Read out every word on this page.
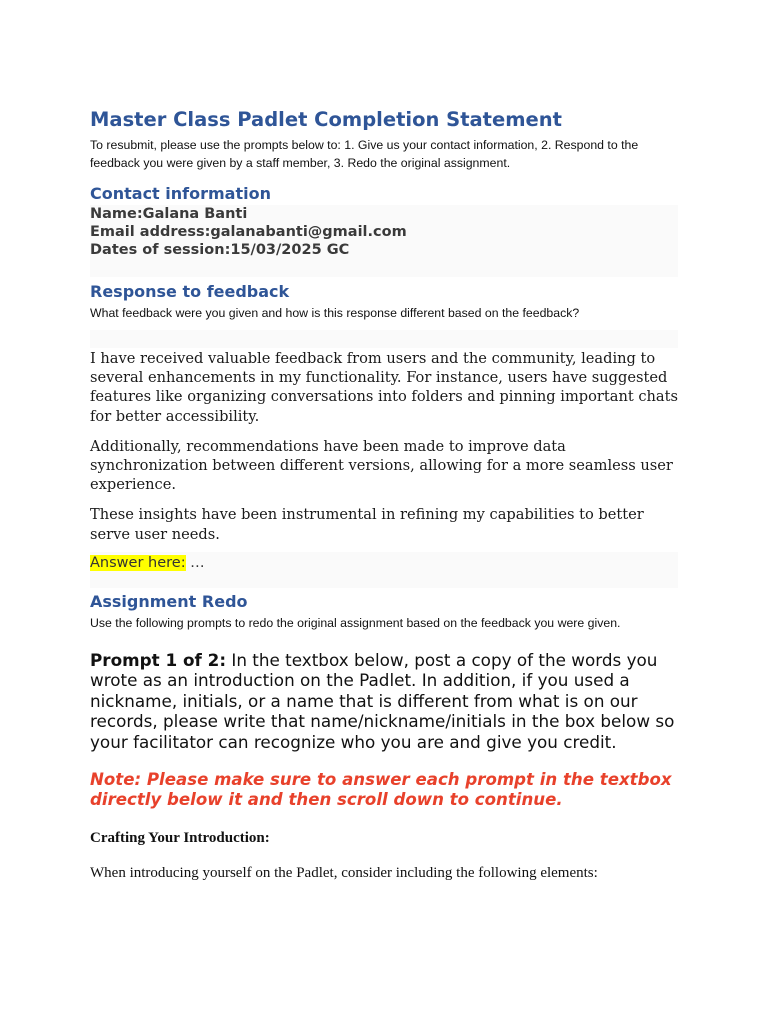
Master Class Padlet Completion Statement

To resubmit, please use the prompts below to: 1. Give us your contact information, 2. Respond to the feedback you were given by a staff member, 3. Redo the original assignment.

Contact information
Name:Galana Banti
Email address:galanabanti@gmail.com
Dates of session:15/03/2025 GC
Response to feedback

What feedback were you given and how is this response different based on the feedback?

I have received valuable feedback from users and the community, leading to several enhancements in my functionality. For instance, users have suggested features like organizing conversations into folders and pinning important chats for better accessibility.

Additionally, recommendations have been made to improve data synchronization between different versions, allowing for a more seamless user experience.

These insights have been instrumental in refining my capabilities to better serve user needs.

Answer here: …
Assignment Redo

Use the following prompts to redo the original assignment based on the feedback you were given.

Prompt 1 of 2: In the textbox below, post a copy of the words you wrote as an introduction on the Padlet. In addition, if you used a nickname, initials, or a name that is different from what is on our records, please write that name/nickname/initials in the box below so your facilitator can recognize who you are and give you credit.

Note: Please make sure to answer each prompt in the textbox directly below it and then scroll down to continue.

Crafting Your Introduction:

When introducing yourself on the Padlet, consider including the following elements:
